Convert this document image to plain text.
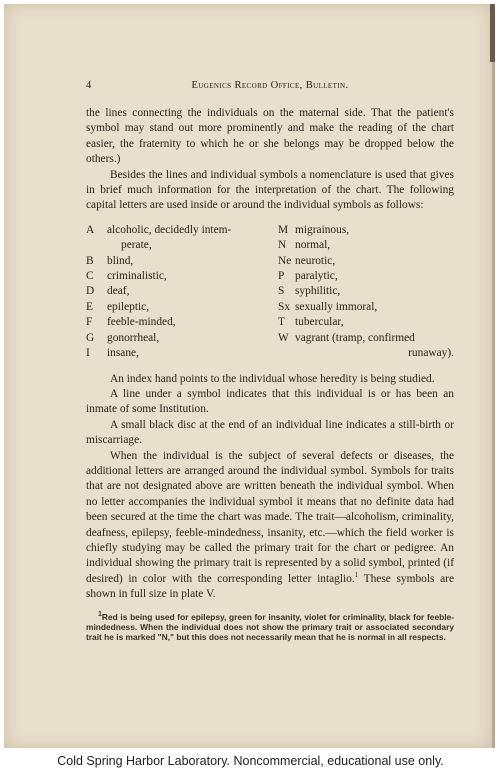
4	Eugenics Record Office, Bulletin.

the lines connecting the individuals on the maternal side. That the patient's symbol may stand out more prominently and make the reading of the chart easier, the fraternity to which he or she belongs may be dropped below the others.)

Besides the lines and individual symbols a nomenclature is used that gives in brief much information for the interpretation of the chart. The following capital letters are used inside or around the individual symbols as follows:

A	alcoholic, decidedly intem-
perate,
B	blind,
C	criminalistic,
D	deaf,
E	epileptic,
F	feeble-minded,
G	gonorrheal,
I	insane,
M migrainous,
N normal,
Ne neurotic,
P paralytic,
S syphilitic,
Sx sexually immoral,
T tubercular,
W vagrant (tramp, confirmed
runaway).

An index hand points to the individual whose heredity is being studied.

A line under a symbol indicates that this individual is or has been an inmate of some Institution.

A small black disc at the end of an individual line indicates a still-birth or miscarriage.

When the individual is the subject of several defects or diseases, the additional letters are arranged around the individual symbol. Symbols for traits that are not designated above are written beneath the individual symbol. When no letter accompanies the individual symbol it means that no definite data had been secured at the time the chart was made. The trait—alcoholism, criminality, deafness, epilepsy, feeble-mindedness, insanity, etc.—which the field worker is chiefly studying may be called the primary trait for the chart or pedigree. An individual showing the primary trait is represented by a solid symbol, printed (if desired) in color with the corresponding letter intaglio.$^1$ These symbols are shown in full size in plate V.

$^1$Red is being used for epilepsy, green for insanity, violet for criminality, black for feeble-mindedness. When the individual does not show the primary trait or associated secondary trait he is marked "N," but this does not necessarily mean that he is normal in all respects.
Cold Spring Harbor Laboratory. Noncommercial, educational use only.
